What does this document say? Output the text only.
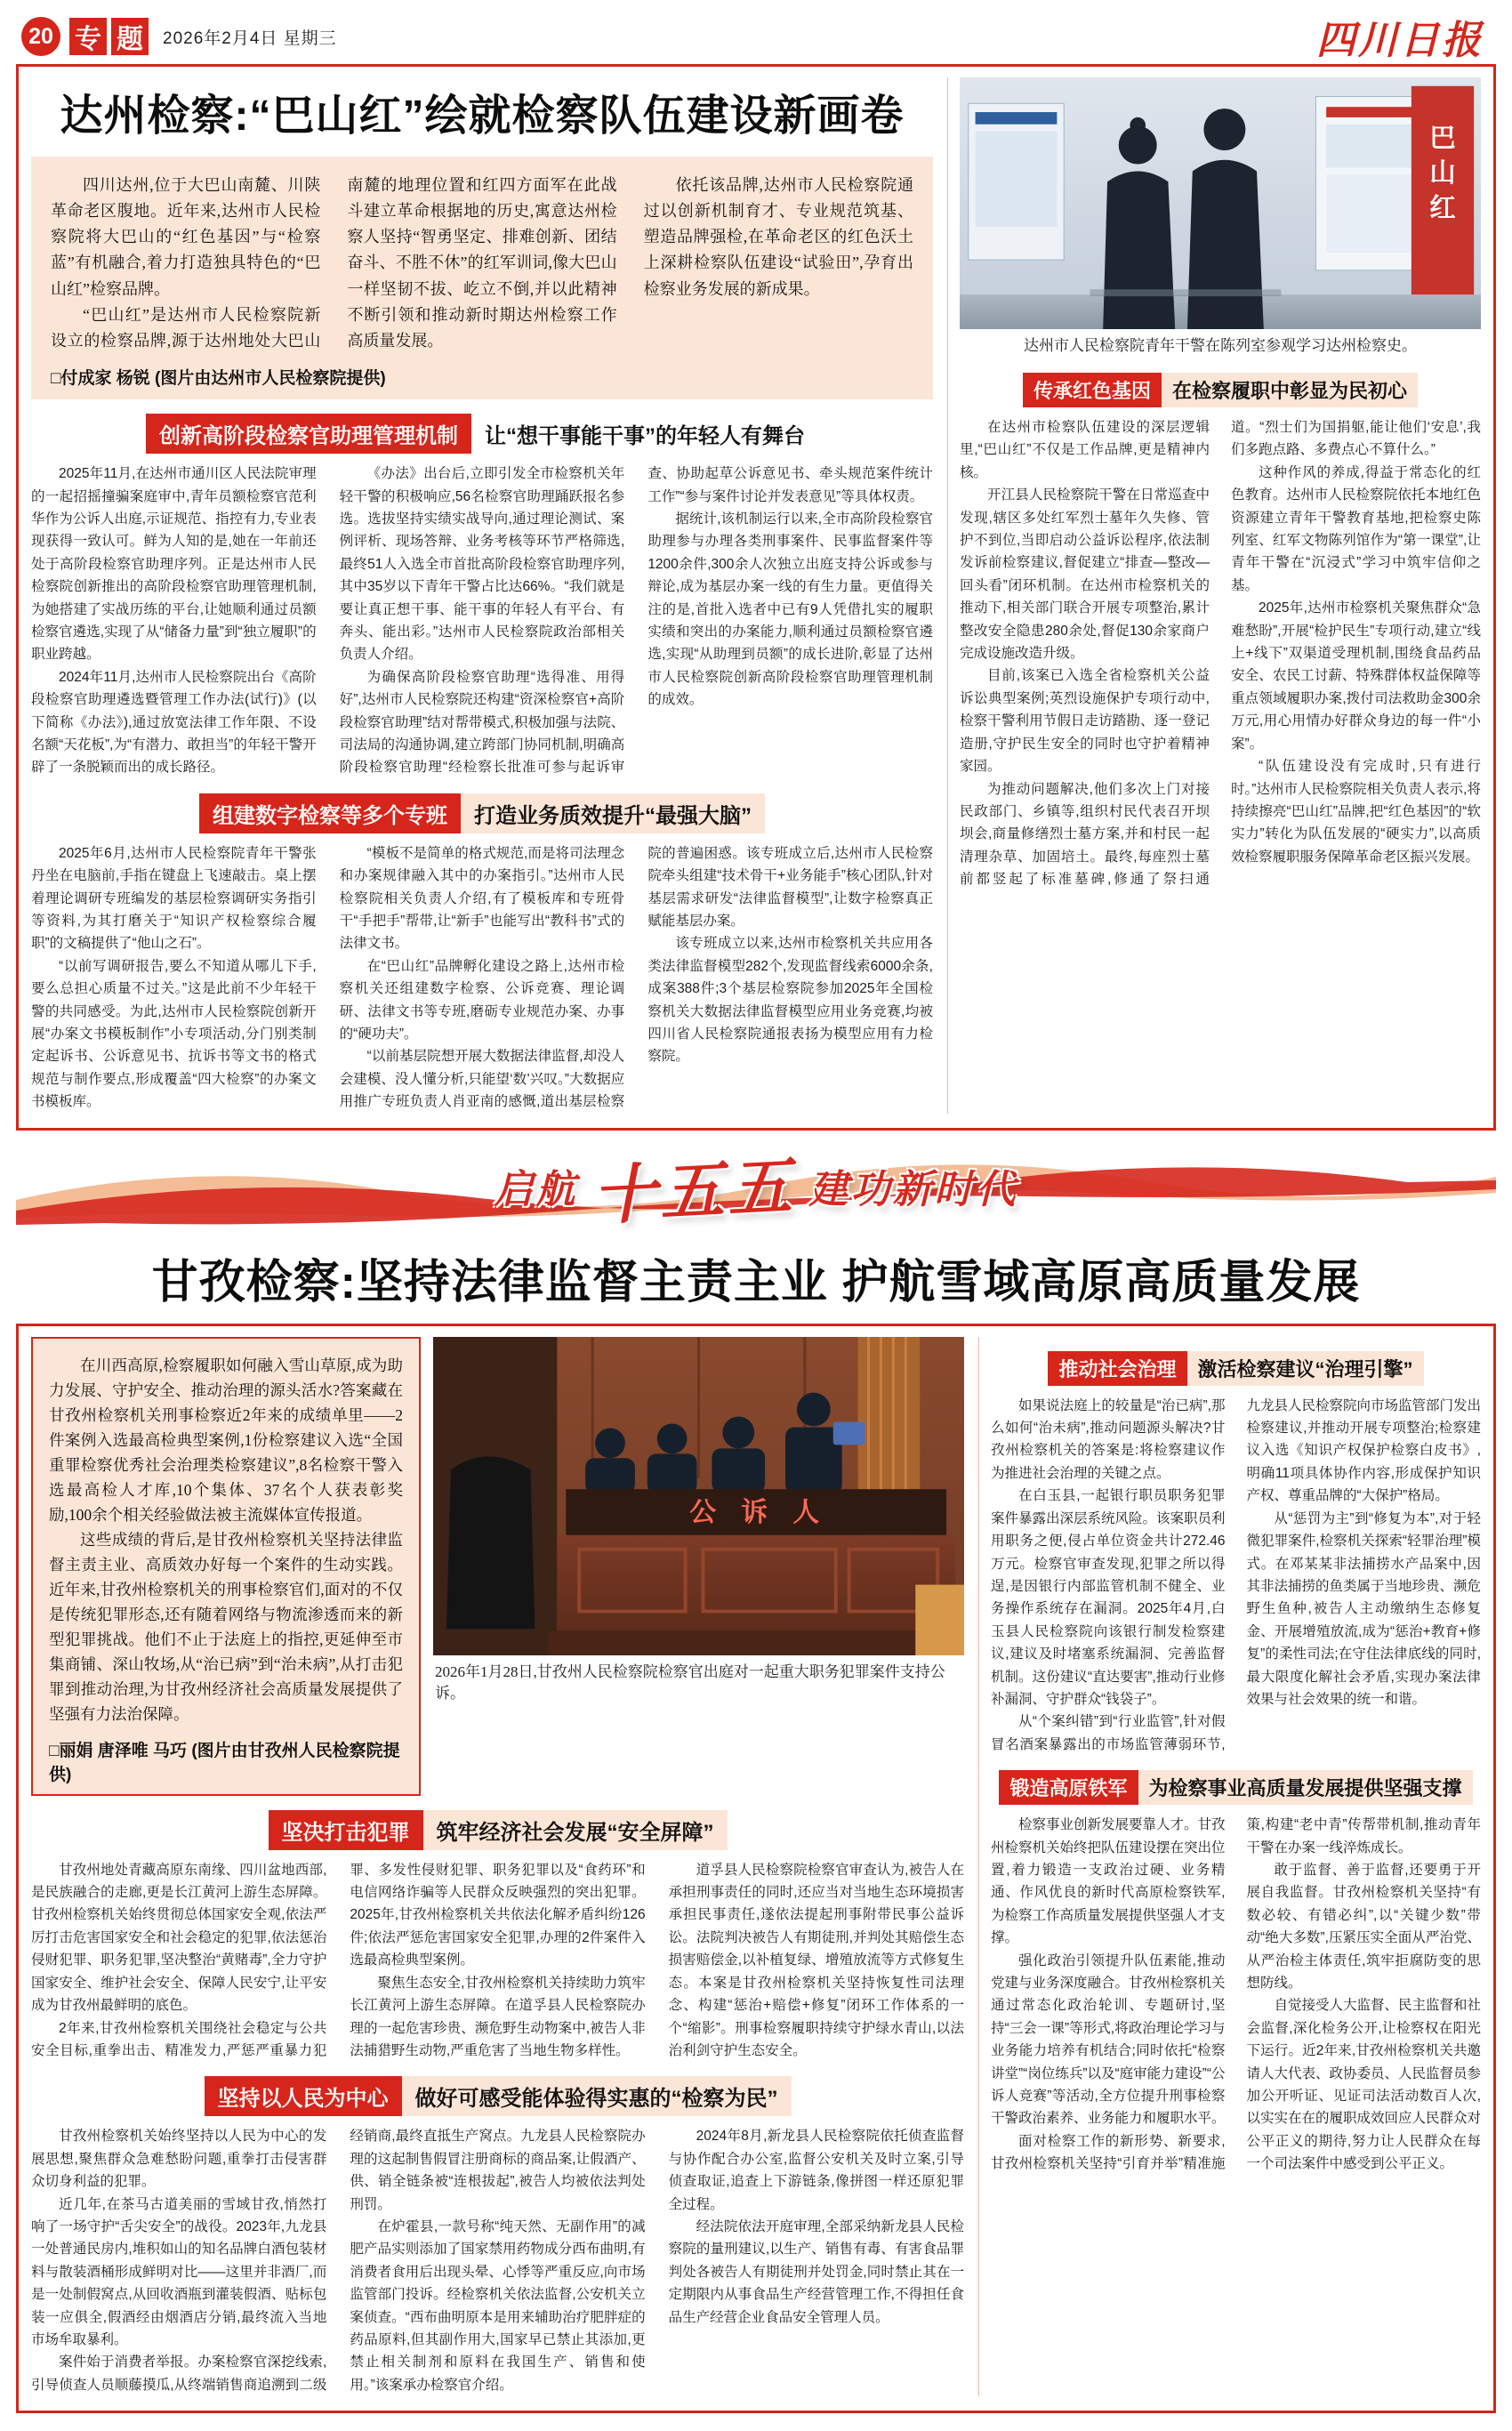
20 专 题	2026年2月4日 星期三	四川日报
达州检察:“巴山红”绘就检察队伍建设新画卷

四川达州,位于大巴山南麓、川陕革命老区腹地。近年来,达州市人民检察院将大巴山的“红色基因”与“检察蓝”有机融合,着力打造独具特色的“巴山红”检察品牌。

“巴山红”是达州市人民检察院新设立的检察品牌,源于达州地处大巴山南麓的地理位置和红四方面军在此战斗建立革命根据地的历史,寓意达州检察人坚持“智勇坚定、排难创新、团结奋斗、不胜不休”的红军训词,像大巴山一样坚韧不拔、屹立不倒,并以此精神不断引领和推动新时期达州检察工作高质量发展。

依托该品牌,达州市人民检察院通过以创新机制育才、专业规范筑基、塑造品牌强检,在革命老区的红色沃土上深耕检察队伍建设“试验田”,孕育出检察业务发展的新成果。

□付成家 杨锐 (图片由达州市人民检察院提供)
创新高阶段检察官助理管理机制	让“想干事能干事”的年轻人有舞台

2025年11月,在达州市通川区人民法院审理的一起招摇撞骗案庭审中,青年员额检察官范利华作为公诉人出庭,示证规范、指控有力,专业表现获得一致认可。鲜为人知的是,她在一年前还处于高阶段检察官助理序列。正是达州市人民检察院创新推出的高阶段检察官助理管理机制,为她搭建了实战历练的平台,让她顺利通过员额检察官遴选,实现了从“储备力量”到“独立履职”的职业跨越。

2024年11月,达州市人民检察院出台《高阶段检察官助理遴选暨管理工作办法(试行)》(以下简称《办法》),通过放宽法律工作年限、不设名额“天花板”,为“有潜力、敢担当”的年轻干警开辟了一条脱颖而出的成长路径。

《办法》出台后,立即引发全市检察机关年轻干警的积极响应,56名检察官助理踊跃报名参选。选拔坚持实绩实战导向,通过理论测试、案例评析、现场答辩、业务考核等环节严格筛选,最终51人入选全市首批高阶段检察官助理序列,其中35岁以下青年干警占比达66%。“我们就是要让真正想干事、能干事的年轻人有平台、有奔头、能出彩。”达州市人民检察院政治部相关负责人介绍。

为确保高阶段检察官助理“选得准、用得好”,达州市人民检察院还构建“资深检察官+高阶段检察官助理”结对帮带模式,积极加强与法院、司法局的沟通协调,建立跨部门协同机制,明确高阶段检察官助理“经检察长批准可参与起诉审查、协助起草公诉意见书、牵头规范案件统计工作”“参与案件讨论并发表意见”等具体权责。

据统计,该机制运行以来,全市高阶段检察官助理参与办理各类刑事案件、民事监督案件等1200余件,300余人次独立出庭支持公诉或参与辩论,成为基层办案一线的有生力量。更值得关注的是,首批入选者中已有9人凭借扎实的履职实绩和突出的办案能力,顺利通过员额检察官遴选,实现“从助理到员额”的成长进阶,彰显了达州市人民检察院创新高阶段检察官助理管理机制的成效。

组建数字检察等多个专班	打造业务质效提升“最强大脑”

2025年6月,达州市人民检察院青年干警张丹坐在电脑前,手指在键盘上飞速敲击。桌上摆着理论调研专班编发的基层检察调研实务指引等资料,为其打磨关于“知识产权检察综合履职”的文稿提供了“他山之石”。

“以前写调研报告,要么不知道从哪儿下手,要么总担心质量不过关。”这是此前不少年轻干警的共同感受。为此,达州市人民检察院创新开展“办案文书模板制作”小专项活动,分门别类制定起诉书、公诉意见书、抗诉书等文书的格式规范与制作要点,形成覆盖“四大检察”的办案文书模板库。

“模板不是简单的格式规范,而是将司法理念和办案规律融入其中的办案指引。”达州市人民检察院相关负责人介绍,有了模板库和专班骨干“手把手”帮带,让“新手”也能写出“教科书”式的法律文书。

在“巴山红”品牌孵化建设之路上,达州市检察机关还组建数字检察、公诉竞赛、理论调研、法律文书等专班,磨砺专业规范办案、办事的“硬功夫”。

“以前基层院想开展大数据法律监督,却没人会建模、没人懂分析,只能望‘数’兴叹。”大数据应用推广专班负责人肖亚南的感慨,道出基层检察院的普遍困惑。该专班成立后,达州市人民检察院牵头组建“技术骨干+业务能手”核心团队,针对基层需求研发“法律监督模型”,让数字检察真正赋能基层办案。

该专班成立以来,达州市检察机关共应用各类法律监督模型282个,发现监督线索6000余条,成案388件;3个基层检察院参加2025年全国检察机关大数据法律监督模型应用业务竞赛,均被四川省人民检察院通报表扬为模型应用有力检察院。

巴
山
红
达州市人民检察院青年干警在陈列室参观学习达州检察史。
传承红色基因	在检察履职中彰显为民初心

在达州市检察队伍建设的深层逻辑里,“巴山红”不仅是工作品牌,更是精神内核。

开江县人民检察院干警在日常巡查中发现,辖区多处红军烈士墓年久失修、管护不到位,当即启动公益诉讼程序,依法制发诉前检察建议,督促建立“排查—整改—回头看”闭环机制。在达州市检察机关的推动下,相关部门联合开展专项整治,累计整改安全隐患280余处,督促130余家商户完成设施改造升级。

目前,该案已入选全省检察机关公益诉讼典型案例;英烈设施保护专项行动中,检察干警利用节假日走访踏勘、逐一登记造册,守护民生安全的同时也守护着精神家园。

为推动问题解决,他们多次上门对接民政部门、乡镇等,组织村民代表召开坝坝会,商量修缮烈士墓方案,并和村民一起清理杂草、加固培土。最终,每座烈士墓前都竖起了标准墓碑,修通了祭扫通道。“烈士们为国捐躯,能让他们‘安息’,我们多跑点路、多费点心不算什么。”

这种作风的养成,得益于常态化的红色教育。达州市人民检察院依托本地红色资源建立青年干警教育基地,把检察史陈列室、红军文物陈列馆作为“第一课堂”,让青年干警在“沉浸式”学习中筑牢信仰之基。

2025年,达州市检察机关聚焦群众“急难愁盼”,开展“检护民生”专项行动,建立“线上+线下”双渠道受理机制,围绕食品药品安全、农民工讨薪、特殊群体权益保障等重点领域履职办案,拨付司法救助金300余万元,用心用情办好群众身边的每一件“小案”。

“队伍建设没有完成时,只有进行时。”达州市人民检察院相关负责人表示,将持续擦亮“巴山红”品牌,把“红色基因”的“软实力”转化为队伍发展的“硬实力”,以高质效检察履职服务保障革命老区振兴发展。

启航 十五五 建功新时代
甘孜检察:坚持法律监督主责主业 护航雪域高原高质量发展

在川西高原,检察履职如何融入雪山草原,成为助力发展、守护安全、推动治理的源头活水?答案藏在甘孜州检察机关刑事检察近2年来的成绩单里——2件案例入选最高检典型案例,1份检察建议入选“全国重罪检察优秀社会治理类检察建议”,8名检察干警入选最高检人才库,10个集体、37名个人获表彰奖励,100余个相关经验做法被主流媒体宣传报道。

这些成绩的背后,是甘孜州检察机关坚持法律监督主责主业、高质效办好每一个案件的生动实践。近年来,甘孜州检察机关的刑事检察官们,面对的不仅是传统犯罪形态,还有随着网络与物流渗透而来的新型犯罪挑战。他们不止于法庭上的指控,更延伸至市集商铺、深山牧场,从“治已病”到“治未病”,从打击犯罪到推动治理,为甘孜州经济社会高质量发展提供了坚强有力法治保障。

□丽娟 唐泽唯 马巧 (图片由甘孜州人民检察院提供)
公 诉 人
2026年1月28日,甘孜州人民检察院检察官出庭对一起重大职务犯罪案件支持公诉。
坚决打击犯罪	筑牢经济社会发展“安全屏障”

甘孜州地处青藏高原东南缘、四川盆地西部,是民族融合的走廊,更是长江黄河上游生态屏障。甘孜州检察机关始终贯彻总体国家安全观,依法严厉打击危害国家安全和社会稳定的犯罪,依法惩治侵财犯罪、职务犯罪,坚决整治“黄赌毒”,全力守护国家安全、维护社会安全、保障人民安宁,让平安成为甘孜州最鲜明的底色。

2年来,甘孜州检察机关围绕社会稳定与公共安全目标,重拳出击、精准发力,严惩严重暴力犯罪、多发性侵财犯罪、职务犯罪以及“食药环”和电信网络诈骗等人民群众反映强烈的突出犯罪。2025年,甘孜州检察机关共依法化解矛盾纠纷126件;依法严惩危害国家安全犯罪,办理的2件案件入选最高检典型案例。

聚焦生态安全,甘孜州检察机关持续助力筑牢长江黄河上游生态屏障。在道孚县人民检察院办理的一起危害珍贵、濒危野生动物案中,被告人非法捕猎野生动物,严重危害了当地生物多样性。

道孚县人民检察院检察官审查认为,被告人在承担刑事责任的同时,还应当对当地生态环境损害承担民事责任,遂依法提起刑事附带民事公益诉讼。法院判决被告人有期徒刑,并判处其赔偿生态损害赔偿金,以补植复绿、增殖放流等方式修复生态。本案是甘孜州检察机关坚持恢复性司法理念、构建“惩治+赔偿+修复”闭环工作体系的一个“缩影”。刑事检察履职持续守护绿水青山,以法治利剑守护生态安全。

坚持以人民为中心	做好可感受能体验得实惠的“检察为民”

甘孜州检察机关始终坚持以人民为中心的发展思想,聚焦群众急难愁盼问题,重拳打击侵害群众切身利益的犯罪。

近几年,在茶马古道美丽的雪域甘孜,悄然打响了一场守护“舌尖安全”的战役。2023年,九龙县一处普通民房内,堆积如山的知名品牌白酒包装材料与散装酒桶形成鲜明对比——这里并非酒厂,而是一处制假窝点,从回收酒瓶到灌装假酒、贴标包装一应俱全,假酒经由烟酒店分销,最终流入当地市场牟取暴利。

案件始于消费者举报。办案检察官深挖线索,引导侦查人员顺藤摸瓜,从终端销售商追溯到二级经销商,最终直抵生产窝点。九龙县人民检察院办理的这起制售假冒注册商标的商品案,让假酒产、供、销全链条被“连根拔起”,被告人均被依法判处刑罚。

在炉霍县,一款号称“纯天然、无副作用”的减肥产品实则添加了国家禁用药物成分西布曲明,有消费者食用后出现头晕、心悸等严重反应,向市场监管部门投诉。经检察机关依法监督,公安机关立案侦查。“西布曲明原本是用来辅助治疗肥胖症的药品原料,但其副作用大,国家早已禁止其添加,更禁止相关制剂和原料在我国生产、销售和使用。”该案承办检察官介绍。

2024年8月,新龙县人民检察院依托侦查监督与协作配合办公室,监督公安机关及时立案,引导侦查取证,追查上下游链条,像拼图一样还原犯罪全过程。

经法院依法开庭审理,全部采纳新龙县人民检察院的量刑建议,以生产、销售有毒、有害食品罪判处各被告人有期徒刑并处罚金,同时禁止其在一定期限内从事食品生产经营管理工作,不得担任食品生产经营企业食品安全管理人员。

推动社会治理	激活检察建议“治理引擎”

如果说法庭上的较量是“治已病”,那么如何“治未病”,推动问题源头解决?甘孜州检察机关的答案是:将检察建议作为推进社会治理的关键之点。

在白玉县,一起银行职员职务犯罪案件暴露出深层系统风险。该案职员利用职务之便,侵占单位资金共计272.46万元。检察官审查发现,犯罪之所以得逞,是因银行内部监管机制不健全、业务操作系统存在漏洞。2025年4月,白玉县人民检察院向该银行制发检察建议,建议及时堵塞系统漏洞、完善监督机制。这份建议“直达要害”,推动行业修补漏洞、守护群众“钱袋子”。

从“个案纠错”到“行业监管”,针对假冒名酒案暴露出的市场监管薄弱环节,九龙县人民检察院向市场监管部门发出检察建议,并推动开展专项整治;检察建议入选《知识产权保护检察白皮书》,明确11项具体协作内容,形成保护知识产权、尊重品牌的“大保护”格局。

从“惩罚为主”到“修复为本”,对于轻微犯罪案件,检察机关探索“轻罪治理”模式。在邓某某非法捕捞水产品案中,因其非法捕捞的鱼类属于当地珍贵、濒危野生鱼种,被告人主动缴纳生态修复金、开展增殖放流,成为“惩治+教育+修复”的柔性司法;在守住法律底线的同时,最大限度化解社会矛盾,实现办案法律效果与社会效果的统一和谐。

锻造高原铁军	为检察事业高质量发展提供坚强支撑

检察事业创新发展要靠人才。甘孜州检察机关始终把队伍建设摆在突出位置,着力锻造一支政治过硬、业务精通、作风优良的新时代高原检察铁军,为检察工作高质量发展提供坚强人才支撑。

强化政治引领提升队伍素能,推动党建与业务深度融合。甘孜州检察机关通过常态化政治轮训、专题研讨,坚持“三会一课”等形式,将政治理论学习与业务能力培养有机结合;同时依托“检察讲堂”“岗位练兵”以及“庭审能力建设”“公诉人竞赛”等活动,全方位提升刑事检察干警政治素养、业务能力和履职水平。

面对检察工作的新形势、新要求,甘孜州检察机关坚持“引育并举”精准施策,构建“老中青”传帮带机制,推动青年干警在办案一线淬炼成长。

敢于监督、善于监督,还要勇于开展自我监督。甘孜州检察机关坚持“有数必较、有错必纠”,以“关键少数”带动“绝大多数”,压紧压实全面从严治党、从严治检主体责任,筑牢拒腐防变的思想防线。

自觉接受人大监督、民主监督和社会监督,深化检务公开,让检察权在阳光下运行。近2年来,甘孜州检察机关共邀请人大代表、政协委员、人民监督员参加公开听证、见证司法活动数百人次,以实实在在的履职成效回应人民群众对公平正义的期待,努力让人民群众在每一个司法案件中感受到公平正义。
